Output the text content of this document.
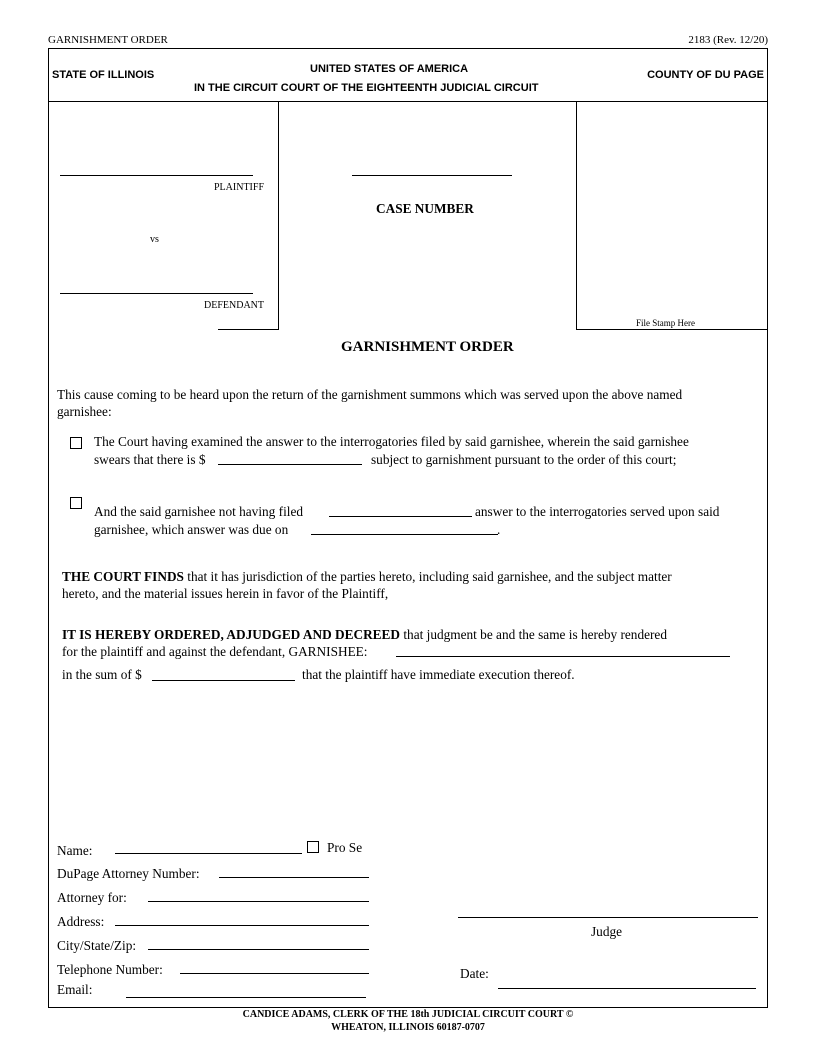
GARNISHMENT ORDER	2183 (Rev. 12/20)
STATE OF ILLINOIS	UNITED STATES OF AMERICA
IN THE CIRCUIT COURT OF THE EIGHTEENTH JUDICIAL CIRCUIT
COUNTY OF DU PAGE
PLAINTIFF
vs
DEFENDANT
CASE NUMBER
File Stamp Here
GARNISHMENT ORDER
This cause coming to be heard upon the return of the garnishment summons which was served upon the above named
garnishee:
The Court having examined the answer to the interrogatories filed by said garnishee, wherein the said garnishee
swears that there is $	subject to garnishment pursuant to the order of this court;
And the said garnishee not having filed	answer to the interrogatories served upon said
garnishee, which answer was due on	.
THE COURT FINDS that it has jurisdiction of the parties hereto, including said garnishee, and the subject matter
hereto, and the material issues herein in favor of the Plaintiff,
IT IS HEREBY ORDERED, ADJUDGED AND DECREED that judgment be and the same is hereby rendered
for the plaintiff and against the defendant, GARNISHEE:
in the sum of $	that the plaintiff have immediate execution thereof.
Name:	Pro Se
DuPage Attorney Number:
Attorney for:
Address:
City/State/Zip:
Telephone Number:
Email:
Judge
Date:
CANDICE ADAMS, CLERK OF THE 18th JUDICIAL CIRCUIT COURT ©
WHEATON, ILLINOIS 60187-0707
